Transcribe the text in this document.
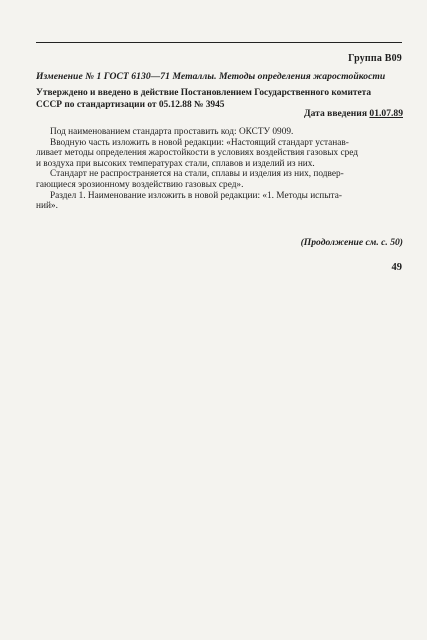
Группа В09
Изменение № 1 ГОСТ 6130—71 Металлы. Методы определения жаростойкости
Утверждено и введено в действие Постановлением Государственного комитета
СССР по стандартизации от 05.12.88 № 3945
Дата введения 01.07.89
Под наименованием стандарта проставить код: ОКСТУ 0909.
Вводную часть изложить в новой редакции: «Настоящий стандарт устанав-
ливает методы определения жаростойкости в условиях воздействия газовых сред
и воздуха при высоких температурах стали, сплавов и изделий из них.
Стандарт не распространяется на стали, сплавы и изделия из них, подвер-
гающиеся эрозионному воздействию газовых сред».
Раздел 1. Наименование изложить в новой редакции: «1. Методы испыта-
ний».
(Продолжение см. с. 50)
49
